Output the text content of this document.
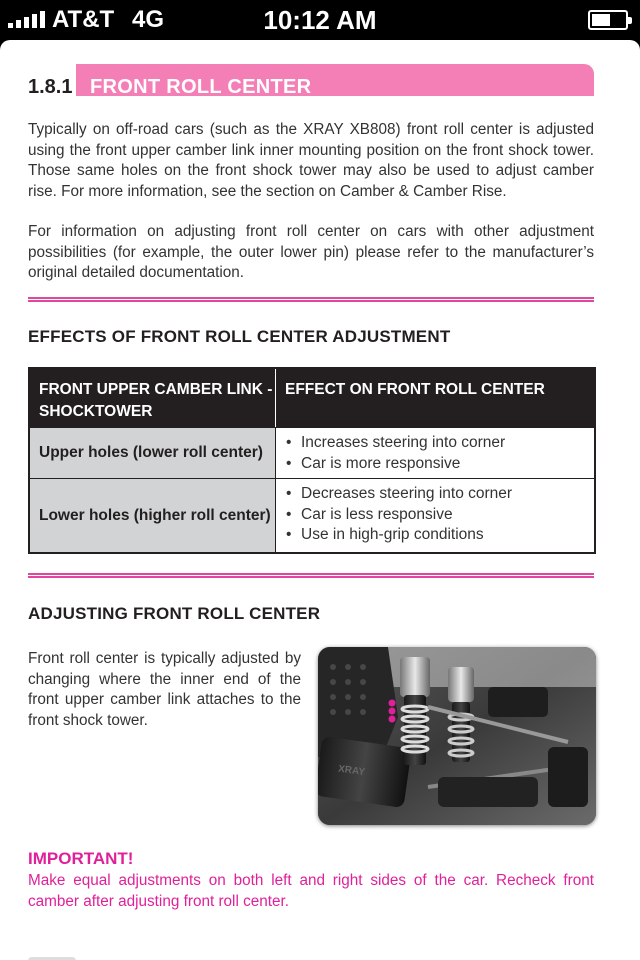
AT&T 4G	10:12 AM
1.8.1 FRONT ROLL CENTER

Typically on off-road cars (such as the XRAY XB808) front roll center is adjusted using the front upper camber link inner mounting position on the front shock tower. Those same holes on the front shock tower may also be used to adjust camber rise. For more information, see the section on Camber & Camber Rise.

For information on adjusting front roll center on cars with other adjustment possibilities (for example, the outer lower pin) please refer to the manufacturer’s original detailed documentation.

EFFECTS OF FRONT ROLL CENTER ADJUSTMENT
FRONT UPPER CAMBER LINK - SHOCKTOWER
EFFECT ON FRONT ROLL CENTER
Upper holes (lower roll center)
• Increases steering into corner
• Car is more responsive
Lower holes (higher roll center)
• Decreases steering into corner
• Car is less responsive
• Use in high-grip conditions
ADJUSTING FRONT ROLL CENTER

Front roll center is typically adjusted by changing where the inner end of the front upper camber link attaches to the front shock tower.

XRAY
IMPORTANT!

Make equal adjustments on both left and right sides of the car. Recheck front camber after adjusting front roll center.
